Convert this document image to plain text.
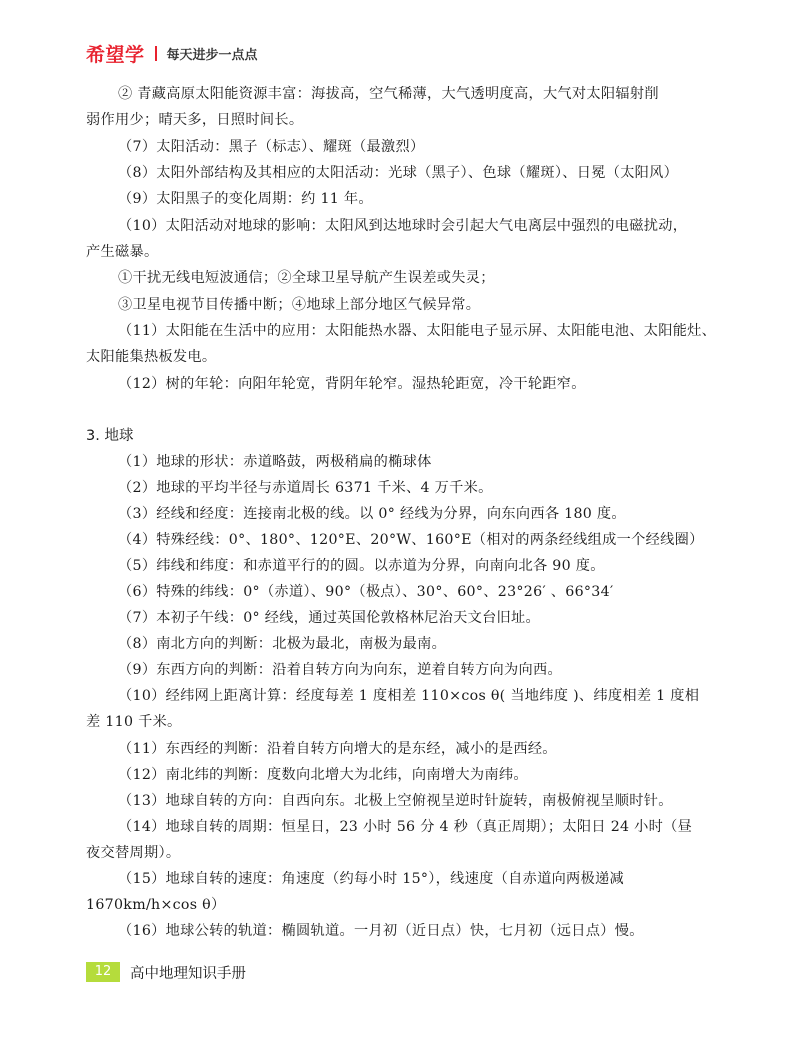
希望学 每天进步一点点
② 青藏高原太阳能资源丰富：海拔高，空气稀薄，大气透明度高，大气对太阳辐射削
弱作用少；晴天多，日照时间长。
（7）太阳活动：黑子（标志）、耀斑（最激烈）
（8）太阳外部结构及其相应的太阳活动：光球（黑子）、色球（耀斑）、日冕（太阳风）
（9）太阳黑子的变化周期：约 11 年。
（10）太阳活动对地球的影响：太阳风到达地球时会引起大气电离层中强烈的电磁扰动，
产生磁暴。
①干扰无线电短波通信；②全球卫星导航产生误差或失灵；
③卫星电视节目传播中断；④地球上部分地区气候异常。
（11）太阳能在生活中的应用：太阳能热水器、太阳能电子显示屏、太阳能电池、太阳能灶、
太阳能集热板发电。
（12）树的年轮：向阳年轮宽，背阴年轮窄。湿热轮距宽，冷干轮距窄。
3. 地球
（1）地球的形状：赤道略鼓，两极稍扁的椭球体
（2）地球的平均半径与赤道周长 6371 千米、4 万千米。
（3）经线和经度：连接南北极的线。以 0° 经线为分界，向东向西各 180 度。
（4）特殊经线：0°、180°、120°E、20°W、160°E（相对的两条经线组成一个经线圈）
（5）纬线和纬度：和赤道平行的的圆。以赤道为分界，向南向北各 90 度。
（6）特殊的纬线：0°（赤道）、90°（极点）、30°、60°、23°26′ 、66°34′
（7）本初子午线：0° 经线，通过英国伦敦格林尼治天文台旧址。
（8）南北方向的判断：北极为最北，南极为最南。
（9）东西方向的判断：沿着自转方向为向东，逆着自转方向为向西。
（10）经纬网上距离计算：经度每差 1 度相差 110×cos θ( 当地纬度 )、纬度相差 1 度相
差 110 千米。
（11）东西经的判断：沿着自转方向增大的是东经，减小的是西经。
（12）南北纬的判断：度数向北增大为北纬，向南增大为南纬。
（13）地球自转的方向：自西向东。北极上空俯视呈逆时针旋转，南极俯视呈顺时针。
（14）地球自转的周期：恒星日，23 小时 56 分 4 秒（真正周期）；太阳日 24 小时（昼
夜交替周期）。
（15）地球自转的速度：角速度（约每小时 15°），线速度（自赤道向两极递减
1670km/h×cos θ）
（16）地球公转的轨道：椭圆轨道。一月初（近日点）快，七月初（远日点）慢。
12	高中地理知识手册
